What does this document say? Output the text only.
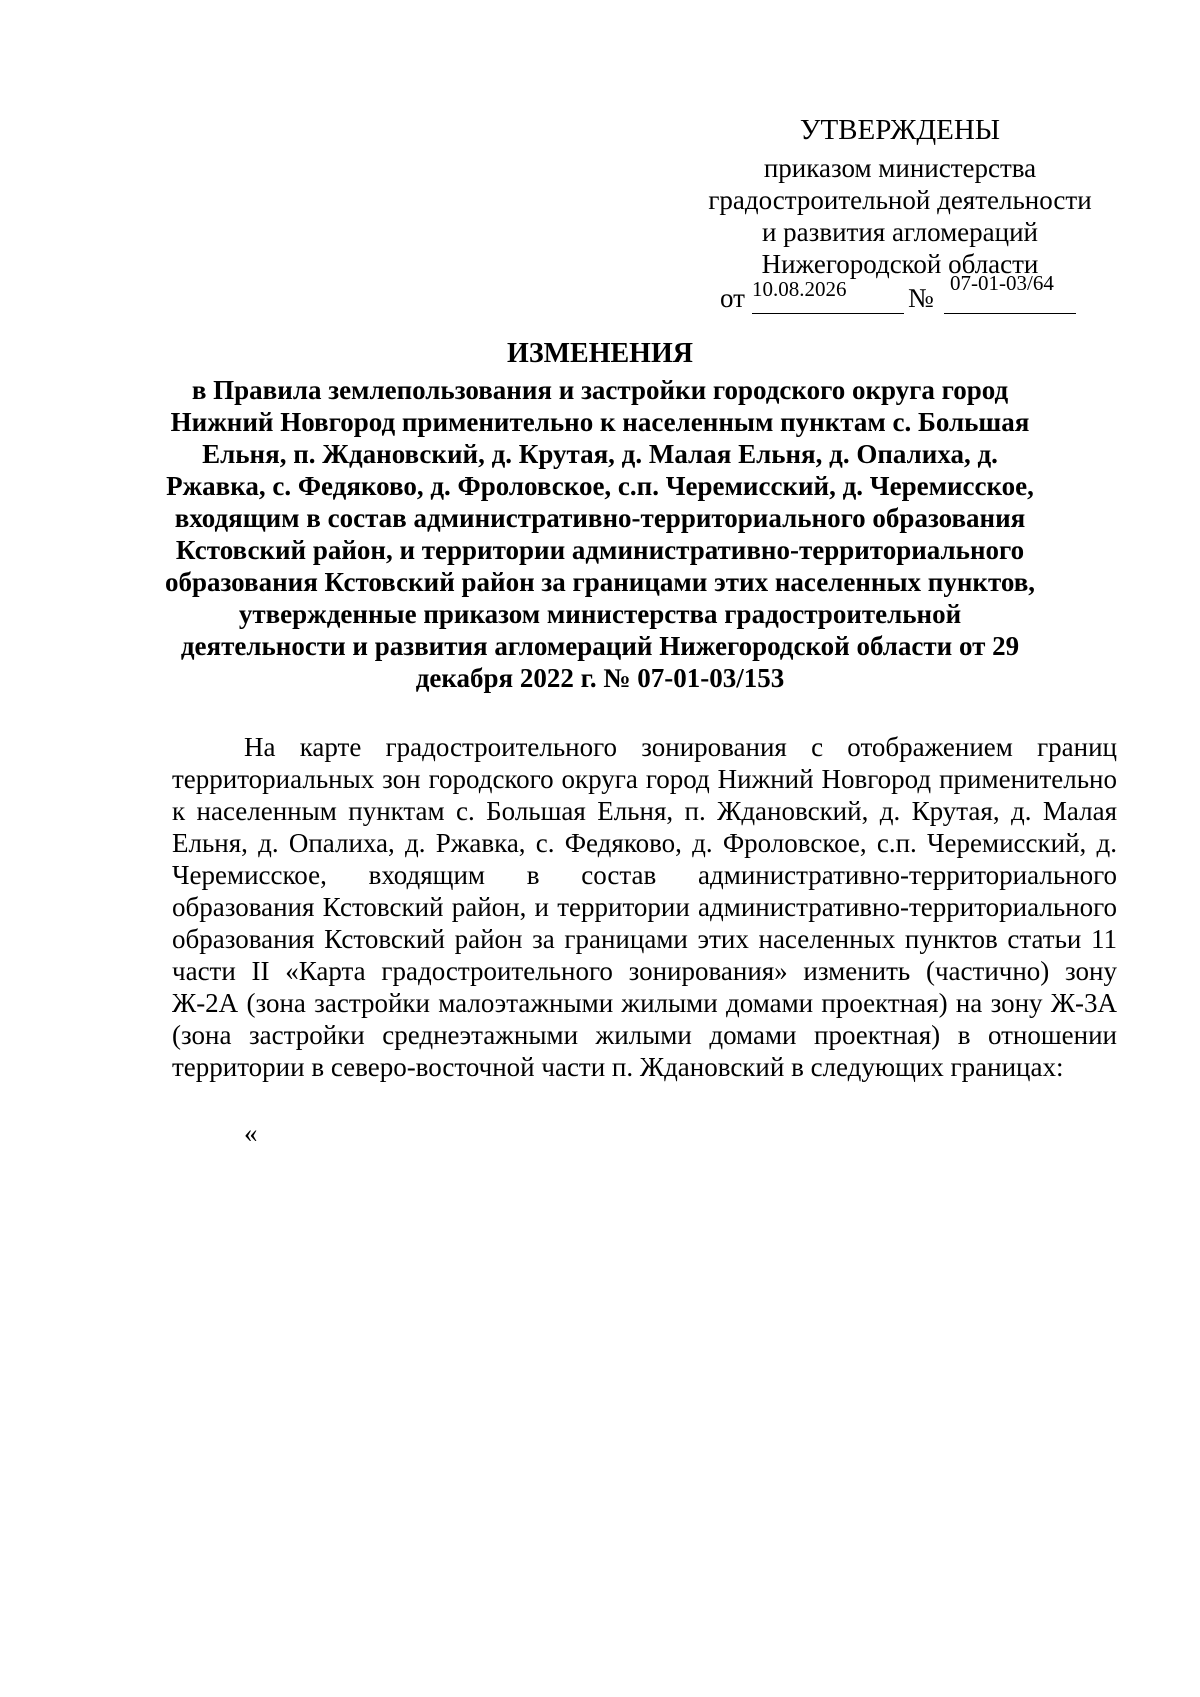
УТВЕРЖДЕНЫ
приказом министерства
градостроительной деятельности
и развития агломераций
Нижегородской области
от 10.08.2026 № 07-01-03/64
ИЗМЕНЕНИЯ
в Правила землепользования и застройки городского округа город Нижний Новгород применительно к населенным пунктам с. Большая Ельня, п. Ждановский, д. Крутая, д. Малая Ельня, д. Опалиха, д. Ржавка, с. Федяково, д. Фроловское, с.п. Черемисский, д. Черемисское, входящим в состав административно-территориального образования Кстовский район, и территории административно-территориального образования Кстовский район за границами этих населенных пунктов, утвержденные приказом министерства градостроительной деятельности и развития агломераций Нижегородской области от 29 декабря 2022 г. № 07-01-03/153

На карте градостроительного зонирования с отображением границ территориальных зон городского округа город Нижний Новгород применительно к населенным пунктам с. Большая Ельня, п. Ждановский, д. Крутая, д. Малая Ельня, д. Опалиха, д. Ржавка, с. Федяково, д. Фроловское, с.п. Черемисский, д. Черемисское, входящим в состав административно-территориального образования Кстовский район, и территории административно-территориального образования Кстовский район за границами этих населенных пунктов статьи 11 части II «Карта градостроительного зонирования» изменить (частично) зону Ж-2А (зона застройки малоэтажными жилыми домами проектная) на зону Ж-3А (зона застройки среднеэтажными жилыми домами проектная) в отношении территории в северо-восточной части п. Ждановский в следующих границах:

«
